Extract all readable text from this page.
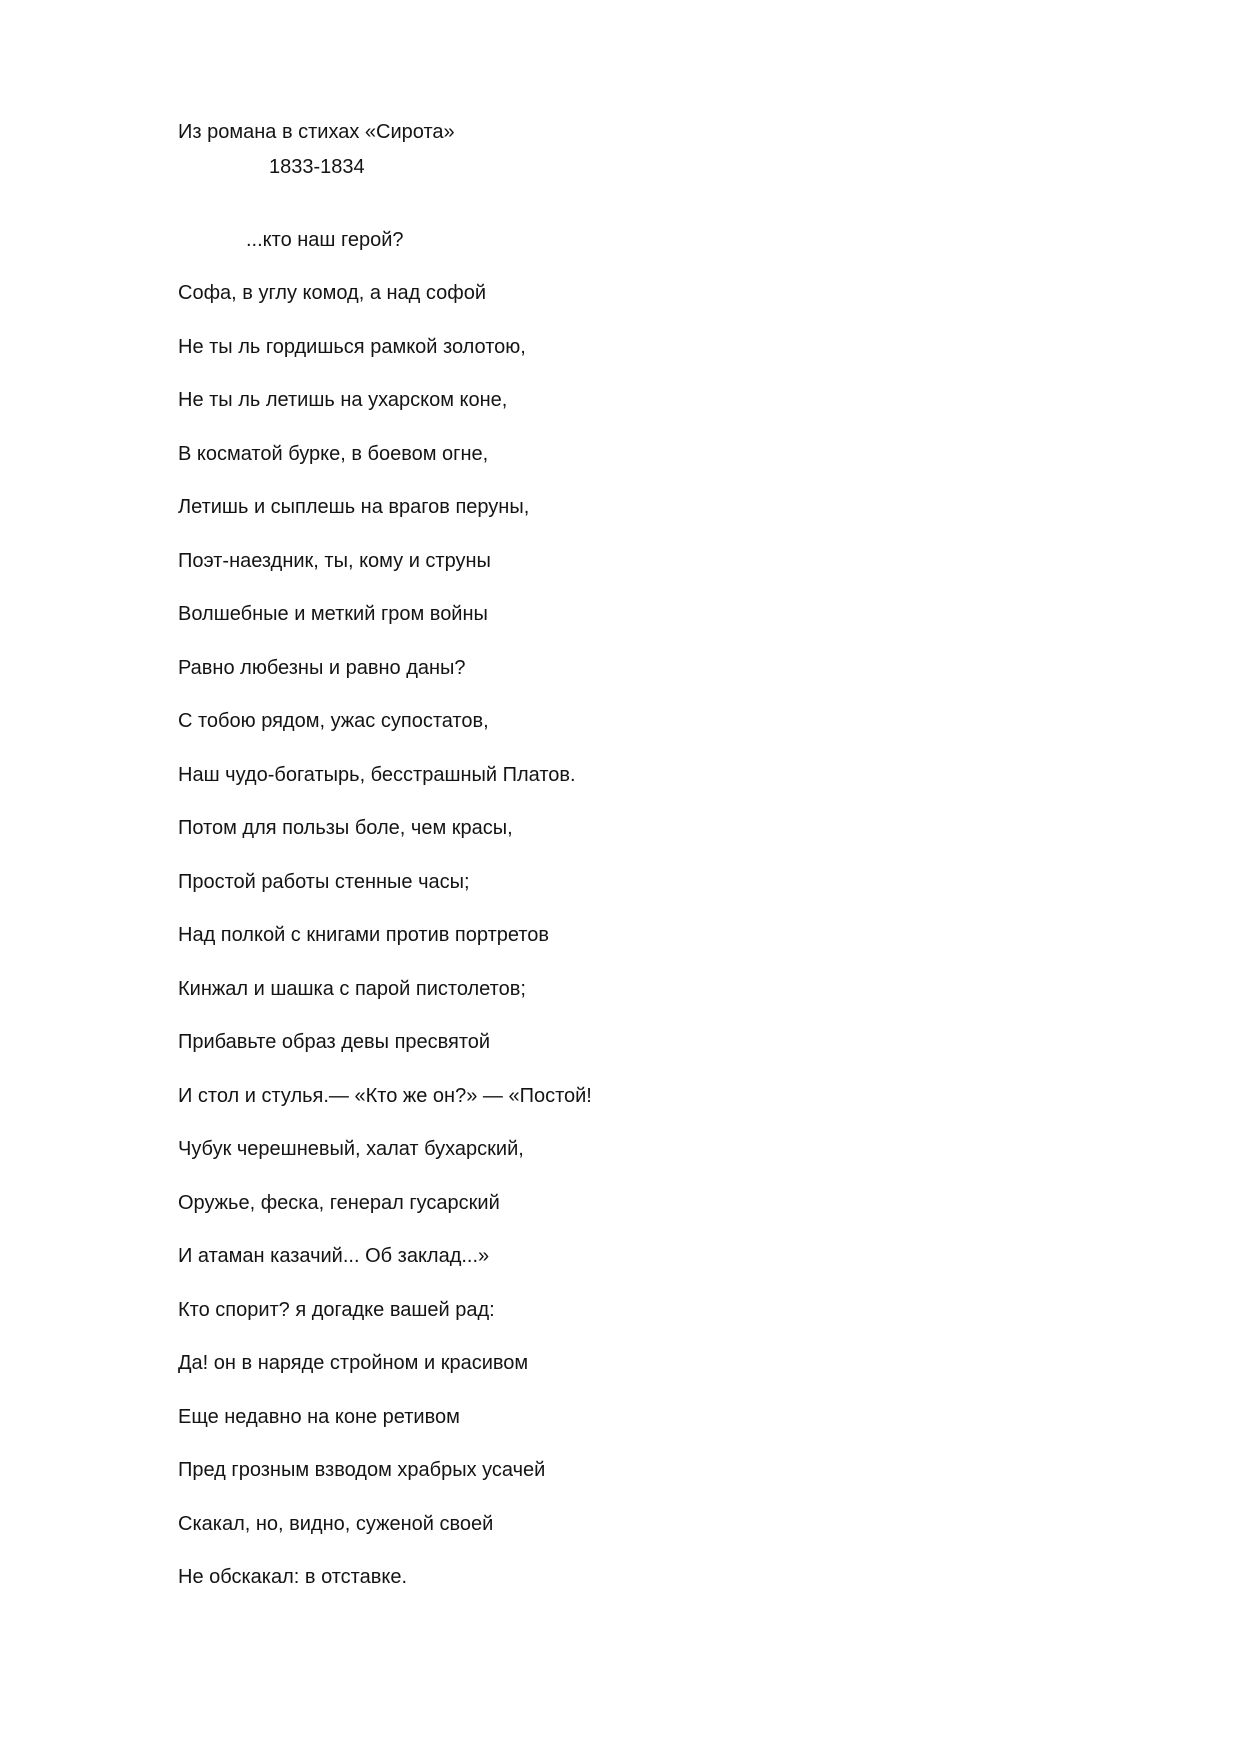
Из романа в стихах «Сирота»
1833-1834
...кто наш герой?
Софа, в углу комод, а над софой
Не ты ль гордишься рамкой золотою,
Не ты ль летишь на ухарском коне,
В косматой бурке, в боевом огне,
Летишь и сыплешь на врагов перуны,
Поэт-наездник, ты, кому и струны
Волшебные и меткий гром войны
Равно любезны и равно даны?
С тобою рядом, ужас супостатов,
Наш чудо-богатырь, бесстрашный Платов.
Потом для пользы боле, чем красы,
Простой работы стенные часы;
Над полкой с книгами против портретов
Кинжал и шашка с парой пистолетов;
Прибавьте образ девы пресвятой
И стол и стулья.— «Кто же он?» — «Постой!
Чубук черешневый, халат бухарский,
Оружье, феска, генерал гусарский
И атаман казачий... Об заклад...»
Кто спорит? я догадке вашей рад:
Да! он в наряде стройном и красивом
Еще недавно на коне ретивом
Пред грозным взводом храбрых усачей
Скакал, но, видно, суженой своей
Не обскакал: в отставке.
